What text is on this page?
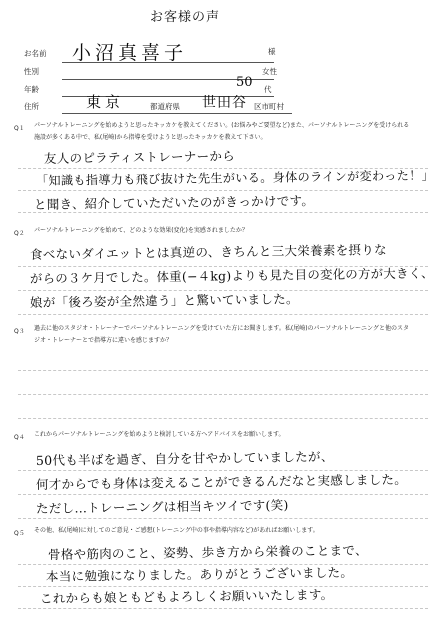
お客様の声
お名前 小沼真喜子	様
性別	女性
年齢	50 代
住所	東京	都道府県 世田谷 区市町村
Q１ パーソナルトレーニングを始めようと思ったキッカケを教えてください。(お悩みやご要望など)また、パーソナルトレーニングを受けられる
施設が多くある中で、私(尾崎)から指導を受けようと思ったキッカケを教えて下さい。
友人のピラティストレーナーから
「知識も指導力も飛び抜けた先生がいる。身体のラインが変わった！」
と聞き、紹介していただいたのがきっかけです。
Q２ パーソナルトレーニングを始めて、どのような効果(変化)を実感されましたか？
食べないダイエットとは真逆の、きちんと三大栄養素を摂りな
がらの３ケ月でした。体重(−４kg)よりも見た目の変化の方が大きく、
娘が「後ろ姿が全然違う」と驚いていました。
Q３ 過去に他のスタジオ・トレーナーでパーソナルトレーニングを受けていた方にお聞きします。私(尾崎)のパーソナルトレーニングと他のスタ
ジオ・トレーナーとで指導方に違いを感じますか？
Q４ これからパーソナルトレーニングを始めようと検討している方へアドバイスをお願いします。
50代も半ばを過ぎ、自分を甘やかしていましたが、
何才からでも身体は変えることができるんだなと実感しました。
ただし…トレーニングは相当キツイです(笑)
Q５ その他、私(尾崎)に対してのご意見・ご感想(トレーニング中の事や指導内容など)があればお願いします。
骨格や筋肉のこと、姿勢、歩き方から栄養のことまで、
本当に勉強になりました。ありがとうございました。
これからも娘ともどもよろしくお願いいたします。
